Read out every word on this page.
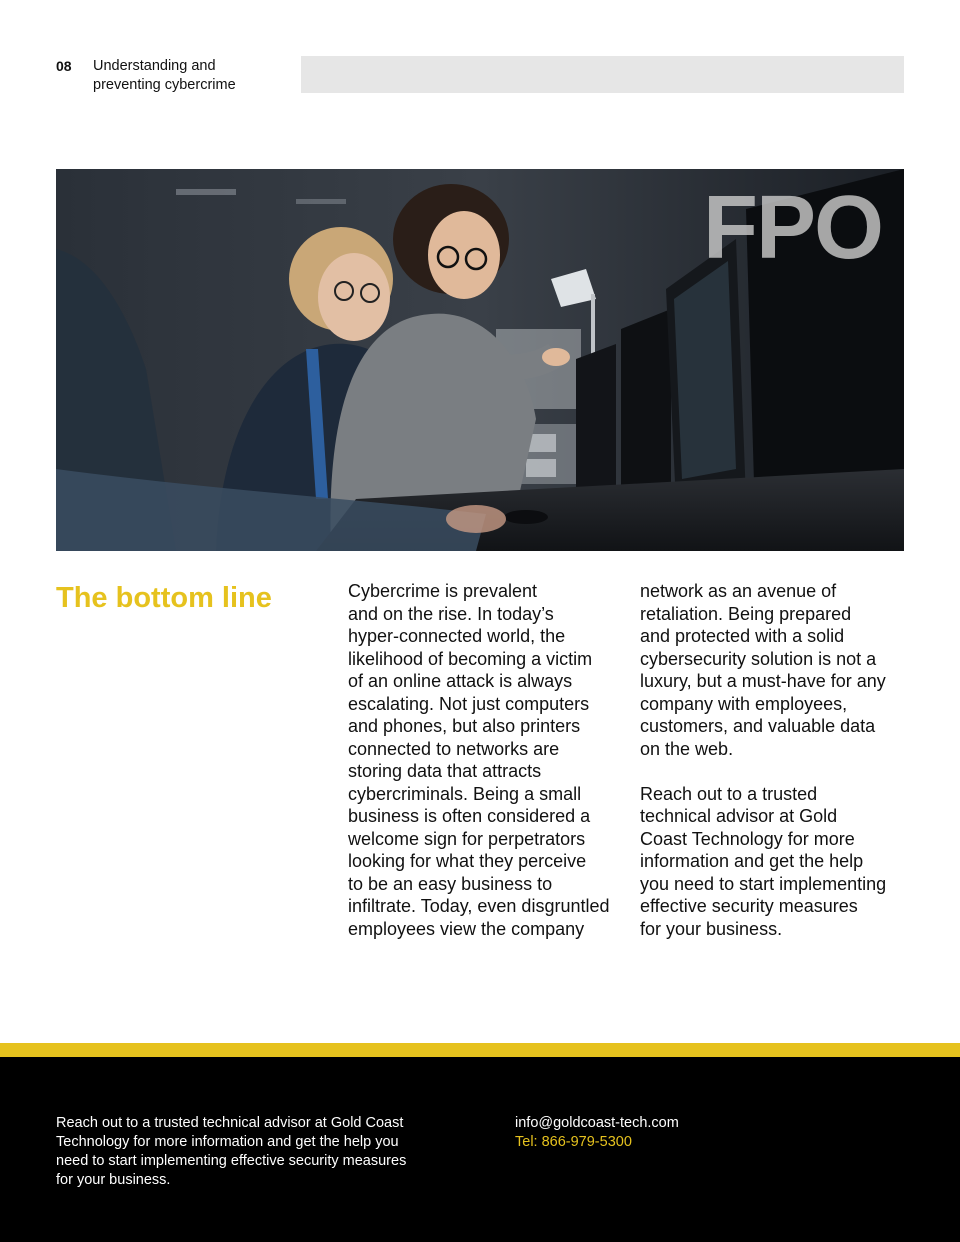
08 Understanding and
preventing cybercrime
FPO
The bottom line	Cybercrime is prevalent
and on the rise. In today’s
hyper-connected world, the
likelihood of becoming a victim
of an online attack is always
escalating. Not just computers
and phones, but also printers
connected to networks are
storing data that attracts
cybercriminals. Being a small
business is often considered a
welcome sign for perpetrators
looking for what they perceive
to be an easy business to
infiltrate. Today, even disgruntled
employees view the company

network as an avenue of
retaliation. Being prepared
and protected with a solid
cybersecurity solution is not a
luxury, but a must-have for any
company with employees,
customers, and valuable data
on the web.

Reach out to a trusted
technical advisor at Gold
Coast Technology for more
information and get the help
you need to start implementing
effective security measures
for your business.

Reach out to a trusted technical advisor at Gold Coast
Technology for more information and get the help you
need to start implementing effective security measures
for your business.

info@goldcoast-tech.com
Tel: 866-979-5300
